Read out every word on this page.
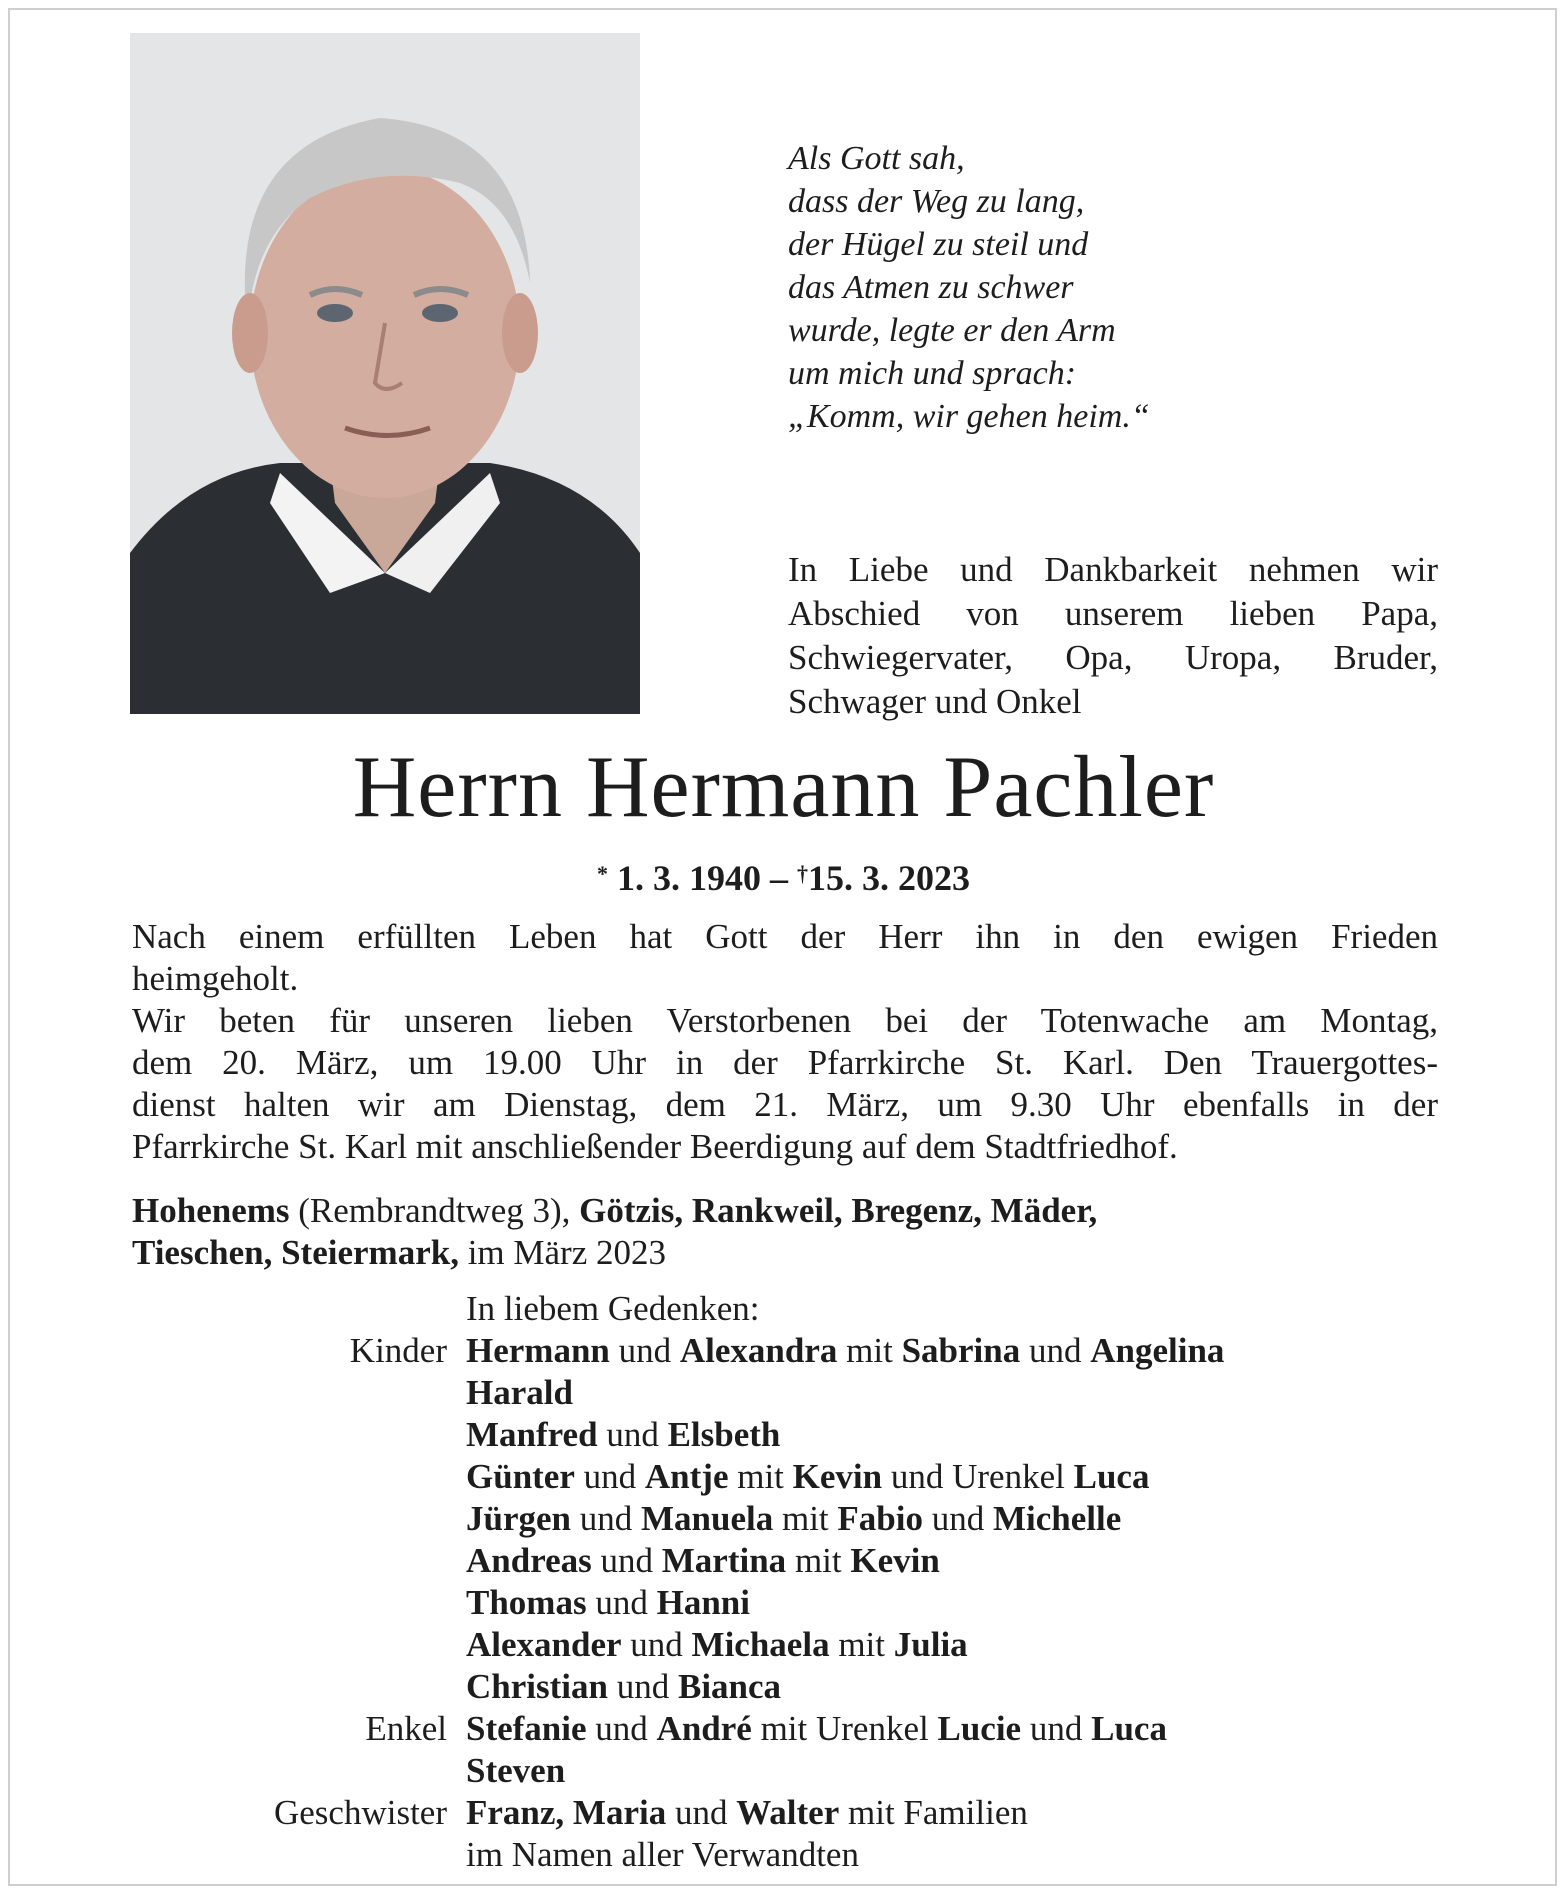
Als Gott sah,
dass der Weg zu lang,
der Hügel zu steil und
das Atmen zu schwer
wurde, legte er den Arm
um mich und sprach:
„Komm, wir gehen heim.“
In Liebe und Dankbarkeit nehmen wir
Abschied von unserem lieben Papa,
Schwiegervater, Opa, Uropa, Bruder,
Schwager und Onkel
Herrn Hermann Pachler
* 1. 3. 1940 – †15. 3. 2023
Nach einem erfüllten Leben hat Gott der Herr ihn in den ewigen Frieden
heimgeholt.
Wir beten für unseren lieben Verstorbenen bei der Totenwache am Montag,
dem 20. März, um 19.00 Uhr in der Pfarrkirche St. Karl. Den Trauergottes-
dienst halten wir am Dienstag, dem 21. März, um 9.30 Uhr ebenfalls in der
Pfarrkirche St. Karl mit anschließender Beerdigung auf dem Stadtfriedhof.
Hohenems (Rembrandtweg 3), Götzis, Rankweil, Bregenz, Mäder,
Tieschen, Steiermark, im März 2023
In liebem Gedenken:
Kinder Hermann und Alexandra mit Sabrina und Angelina
Harald
Manfred und Elsbeth
Günter und Antje mit Kevin und Urenkel Luca
Jürgen und Manuela mit Fabio und Michelle
Andreas und Martina mit Kevin
Thomas und Hanni
Alexander und Michaela mit Julia
Christian und Bianca
Enkel Stefanie und André mit Urenkel Lucie und Luca
Steven
Geschwister Franz, Maria und Walter mit Familien
im Namen aller Verwandten
